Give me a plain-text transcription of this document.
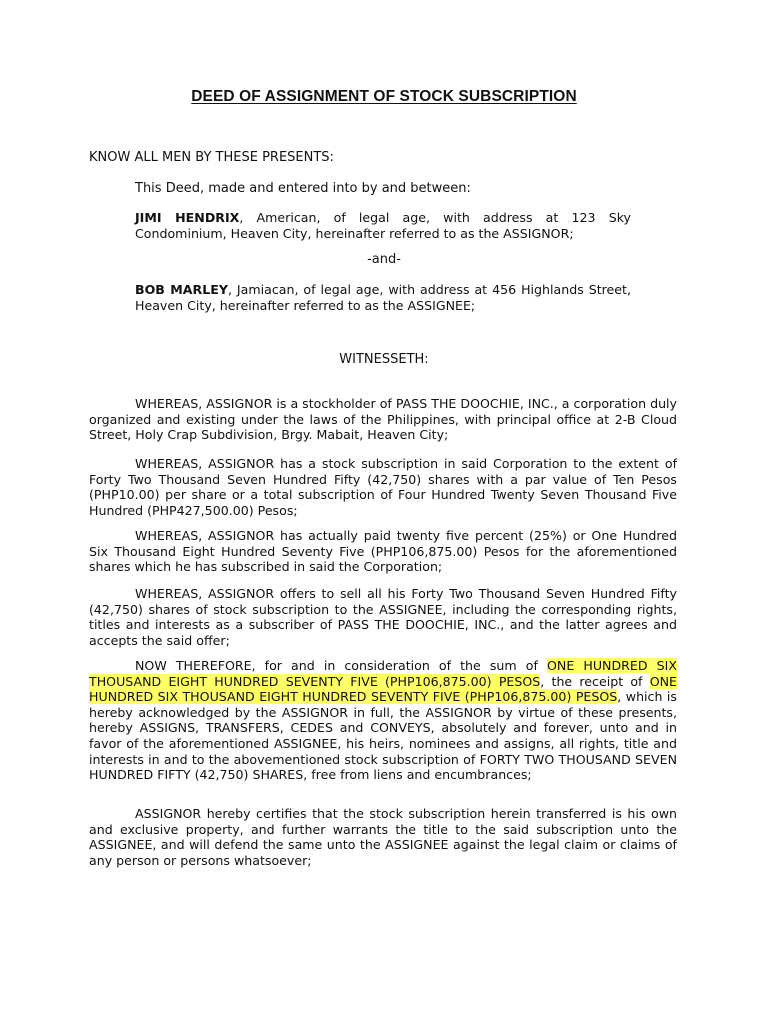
DEED OF ASSIGNMENT OF STOCK SUBSCRIPTION
KNOW ALL MEN BY THESE PRESENTS:
This Deed, made and entered into by and between:
JIMI HENDRIX, American, of legal age, with address at 123 Sky Condominium, Heaven City, hereinafter referred to as the ASSIGNOR;
-and-
BOB MARLEY, Jamiacan, of legal age, with address at 456 Highlands Street, Heaven City, hereinafter referred to as the ASSIGNEE;
WITNESSETH:
WHEREAS, ASSIGNOR is a stockholder of PASS THE DOOCHIE, INC., a corporation duly organized and existing under the laws of the Philippines, with principal office at 2-B Cloud Street, Holy Crap Subdivision, Brgy. Mabait, Heaven City;
WHEREAS, ASSIGNOR has a stock subscription in said Corporation to the extent of Forty Two Thousand Seven Hundred Fifty (42,750) shares with a par value of Ten Pesos (PHP10.00) per share or a total subscription of Four Hundred Twenty Seven Thousand Five Hundred (PHP427,500.00) Pesos;
WHEREAS, ASSIGNOR has actually paid twenty five percent (25%) or One Hundred Six Thousand Eight Hundred Seventy Five (PHP106,875.00) Pesos for the aforementioned shares which he has subscribed in said the Corporation;
WHEREAS, ASSIGNOR offers to sell all his Forty Two Thousand Seven Hundred Fifty (42,750) shares of stock subscription to the ASSIGNEE, including the corresponding rights, titles and interests as a subscriber of PASS THE DOOCHIE, INC., and the latter agrees and accepts the said offer;
NOW THEREFORE, for and in consideration of the sum of ONE HUNDRED SIX THOUSAND EIGHT HUNDRED SEVENTY FIVE (PHP106,875.00) PESOS, the receipt of ONE HUNDRED SIX THOUSAND EIGHT HUNDRED SEVENTY FIVE (PHP106,875.00) PESOS, which is hereby acknowledged by the ASSIGNOR in full, the ASSIGNOR by virtue of these presents, hereby ASSIGNS, TRANSFERS, CEDES and CONVEYS, absolutely and forever, unto and in favor of the aforementioned ASSIGNEE, his heirs, nominees and assigns, all rights, title and interests in and to the abovementioned stock subscription of FORTY TWO THOUSAND SEVEN HUNDRED FIFTY (42,750) SHARES, free from liens and encumbrances;
ASSIGNOR hereby certifies that the stock subscription herein transferred is his own and exclusive property, and further warrants the title to the said subscription unto the ASSIGNEE, and will defend the same unto the ASSIGNEE against the legal claim or claims of any person or persons whatsoever;
